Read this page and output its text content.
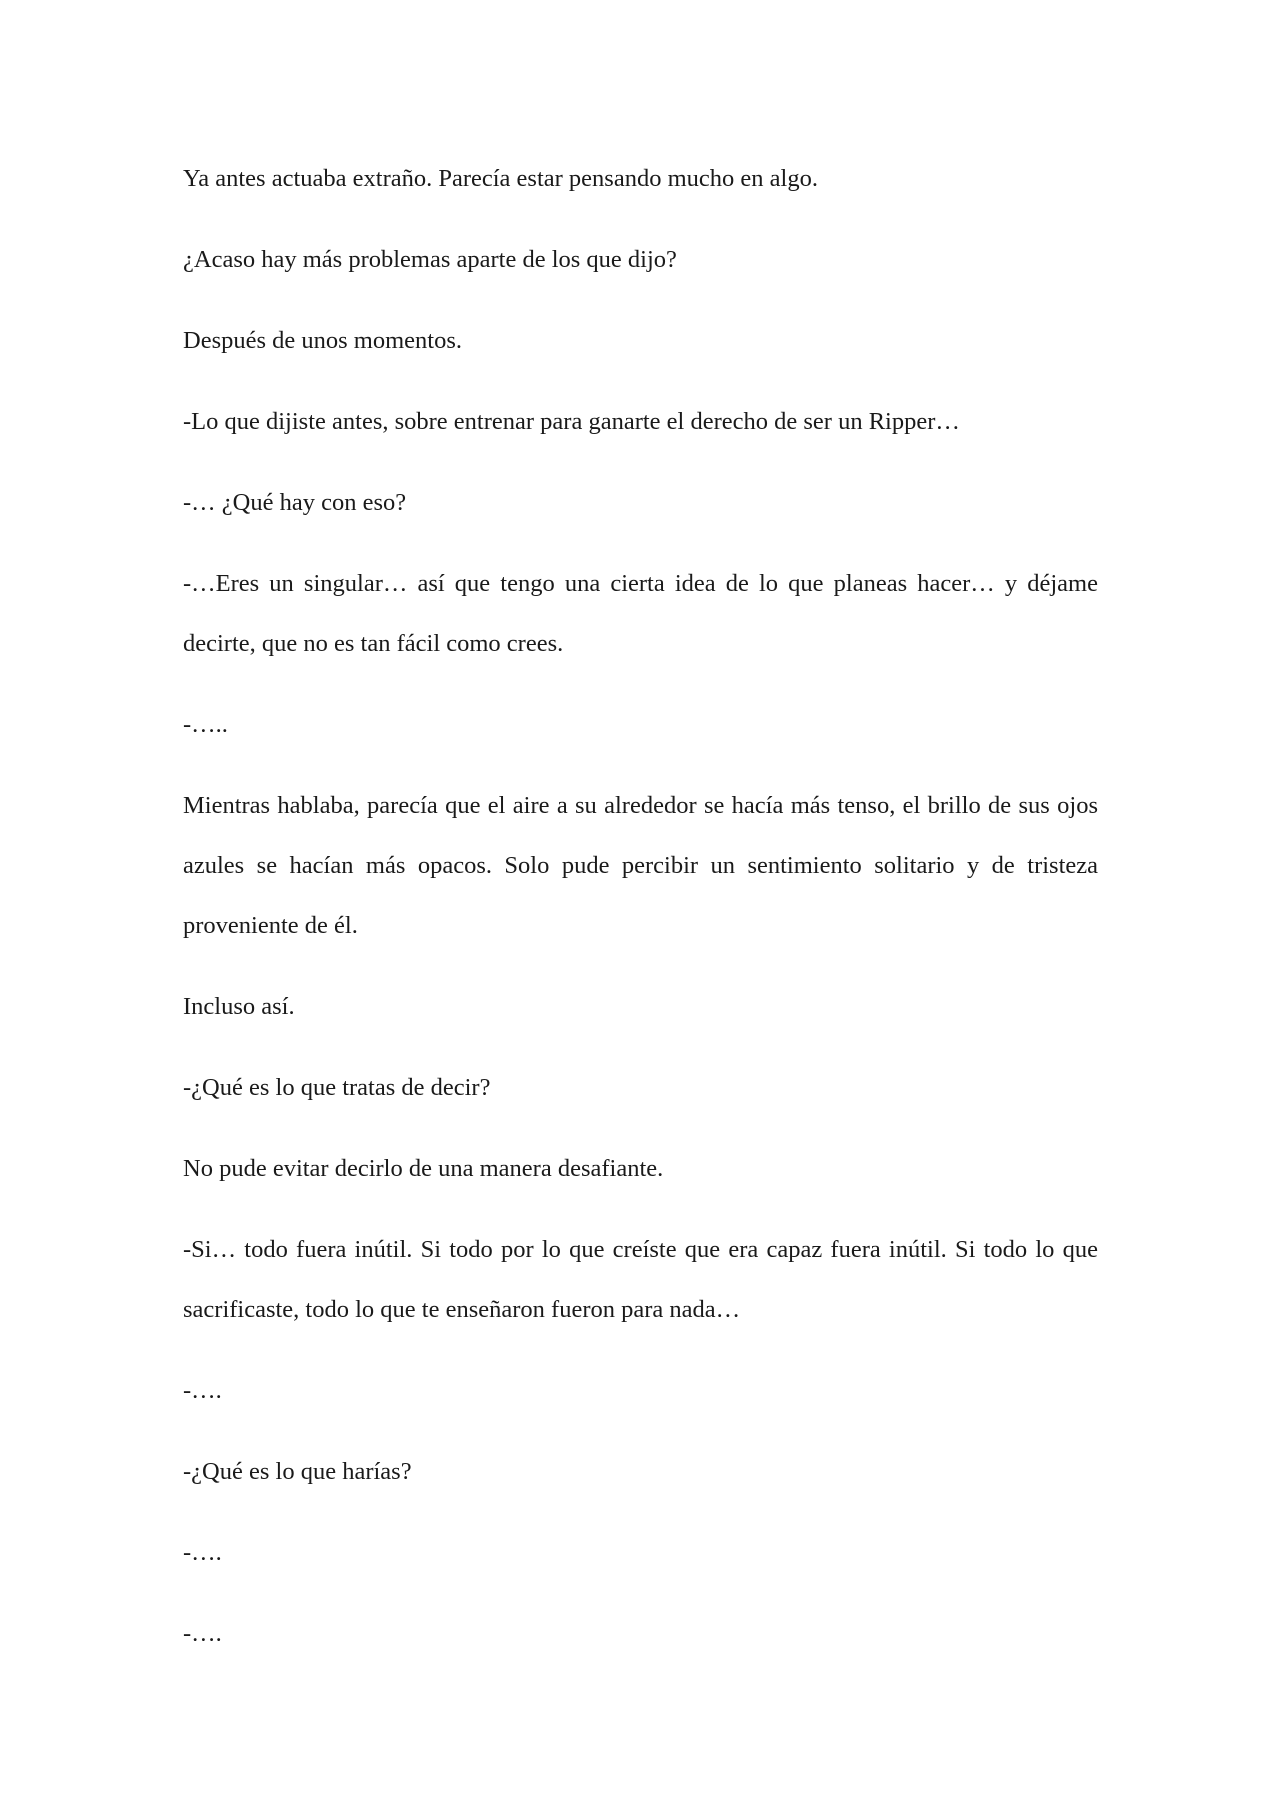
Ya antes actuaba extraño. Parecía estar pensando mucho en algo.

¿Acaso hay más problemas aparte de los que dijo?

Después de unos momentos.

-Lo que dijiste antes, sobre entrenar para ganarte el derecho de ser un Ripper…

-… ¿Qué hay con eso?

-…Eres un singular… así que tengo una cierta idea de lo que planeas hacer… y déjame decirte, que no es tan fácil como crees.

-…..

Mientras hablaba, parecía que el aire a su alrededor se hacía más tenso, el brillo de sus ojos azules se hacían más opacos. Solo pude percibir un sentimiento solitario y de tristeza proveniente de él.

Incluso así.

-¿Qué es lo que tratas de decir?

No pude evitar decirlo de una manera desafiante.

-Si… todo fuera inútil. Si todo por lo que creíste que era capaz fuera inútil. Si todo lo que sacrificaste, todo lo que te enseñaron fueron para nada…

-….

-¿Qué es lo que harías?

-….

-….
